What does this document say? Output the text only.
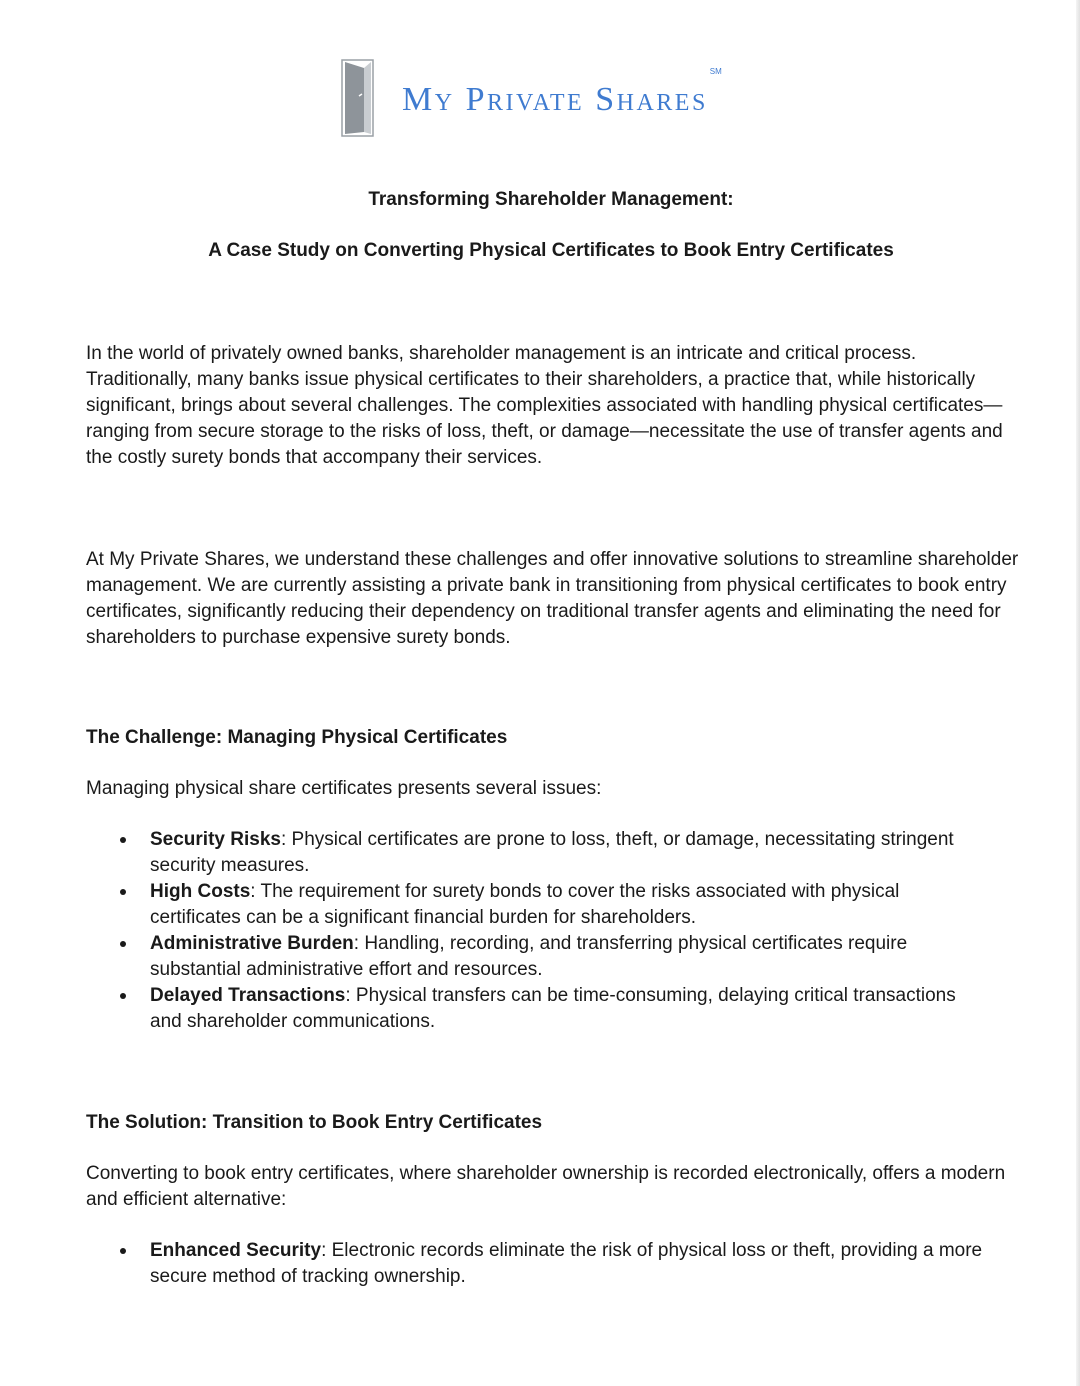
My Private Shares
SM
Transforming Shareholder Management:
A Case Study on Converting Physical Certificates to Book Entry Certificates

In the world of privately owned banks, shareholder management is an intricate and critical process. Traditionally, many banks issue physical certificates to their shareholders, a practice that, while historically significant, brings about several challenges. The complexities associated with handling physical certificates—ranging from secure storage to the risks of loss, theft, or damage—necessitate the use of transfer agents and the costly surety bonds that accompany their services.

At My Private Shares, we understand these challenges and offer innovative solutions to streamline shareholder management. We are currently assisting a private bank in transitioning from physical certificates to book entry certificates, significantly reducing their dependency on traditional transfer agents and eliminating the need for shareholders to purchase expensive surety bonds.

The Challenge: Managing Physical Certificates

Managing physical share certificates presents several issues:

Security Risks: Physical certificates are prone to loss, theft, or damage, necessitating stringent security measures.
High Costs: The requirement for surety bonds to cover the risks associated with physical certificates can be a significant financial burden for shareholders.
Administrative Burden: Handling, recording, and transferring physical certificates require substantial administrative effort and resources.
Delayed Transactions: Physical transfers can be time-consuming, delaying critical transactions and shareholder communications.
The Solution: Transition to Book Entry Certificates

Converting to book entry certificates, where shareholder ownership is recorded electronically, offers a modern and efficient alternative:

Enhanced Security: Electronic records eliminate the risk of physical loss or theft, providing a more secure method of tracking ownership.
